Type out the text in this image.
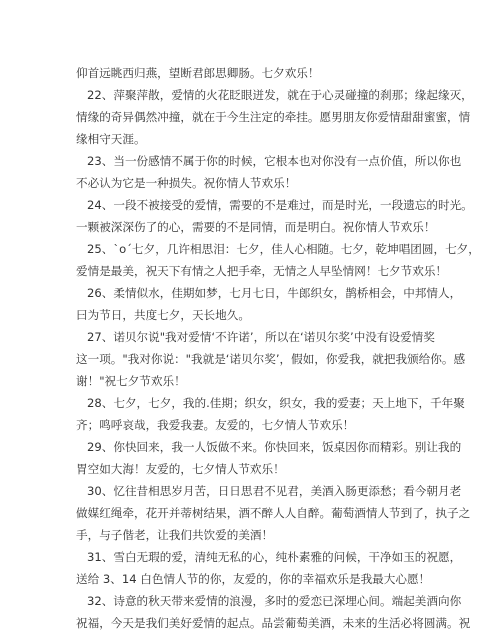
仰首远眺西归燕，望断君郎思卿肠。七夕欢乐！
22、萍聚萍散，爱情的火花眨眼迸发，就在于心灵碰撞的刹那；缘起缘灭，
情缘的奇异偶然冲撞，就在于今生注定的牵挂。愿男朋友你爱情甜甜蜜蜜，情
缘相守天涯。
23、当一份感情不属于你的时候，它根本也对你没有一点价值，所以你也
不必认为它是一种损失。祝你情人节欢乐！
24、一段不被接受的爱情，需要的不是难过，而是时光，一段遗忘的时光。
一颗被深深伤了的心，需要的不是同情，而是明白。祝你情人节欢乐！
25、`o´七夕，几许相思泪：七夕，佳人心相随。七夕，乾坤唱团圆，七夕，
爱情是最美，祝天下有情之人把手牵，无情之人早坠情网！七夕节欢乐！
26、柔情似水，佳期如梦，七月七日，牛郎织女，鹊桥相会，中邦情人，
曰为节日，共度七夕，天长地久。
27、诺贝尔说"我对爱情‘不许诺’，所以在‘诺贝尔奖’中没有设爱情奖
这一项。"我对你说："我就是‘诺贝尔奖’，假如，你爱我，就把我颁给你。感
谢！"祝七夕节欢乐！
28、七夕，七夕，我的.佳期；织女，织女，我的爱妻；天上地下，千年聚
齐；鸣呼哀哉，我爱我妻。友爱的，七夕情人节欢乐！
29、你快回来，我一人饭做不来。你快回来，饭桌因你而精彩。别让我的
胃空如大海！友爱的，七夕情人节欢乐！
30、忆往昔相思岁月苦，日日思君不见君，美酒入肠更添愁；看今朝月老
做媒红绳牵，花开并蒂树结果，酒不醉人人自醉。葡萄酒情人节到了，执子之
手，与子偕老，让我们共饮爱的美酒！
31、雪白无瑕的爱，清纯无私的心，纯朴素雅的问候，干净如玉的祝愿，
送给 3、14 白色情人节的你，友爱的，你的幸福欢乐是我最大心愿！
32、诗意的秋天带来爱情的浪漫，多时的爱恋已深埋心间。端起美酒向你
祝福，今天是我们美好爱情的起点。品尝葡萄美酒，未来的生活必将圆满。祝
